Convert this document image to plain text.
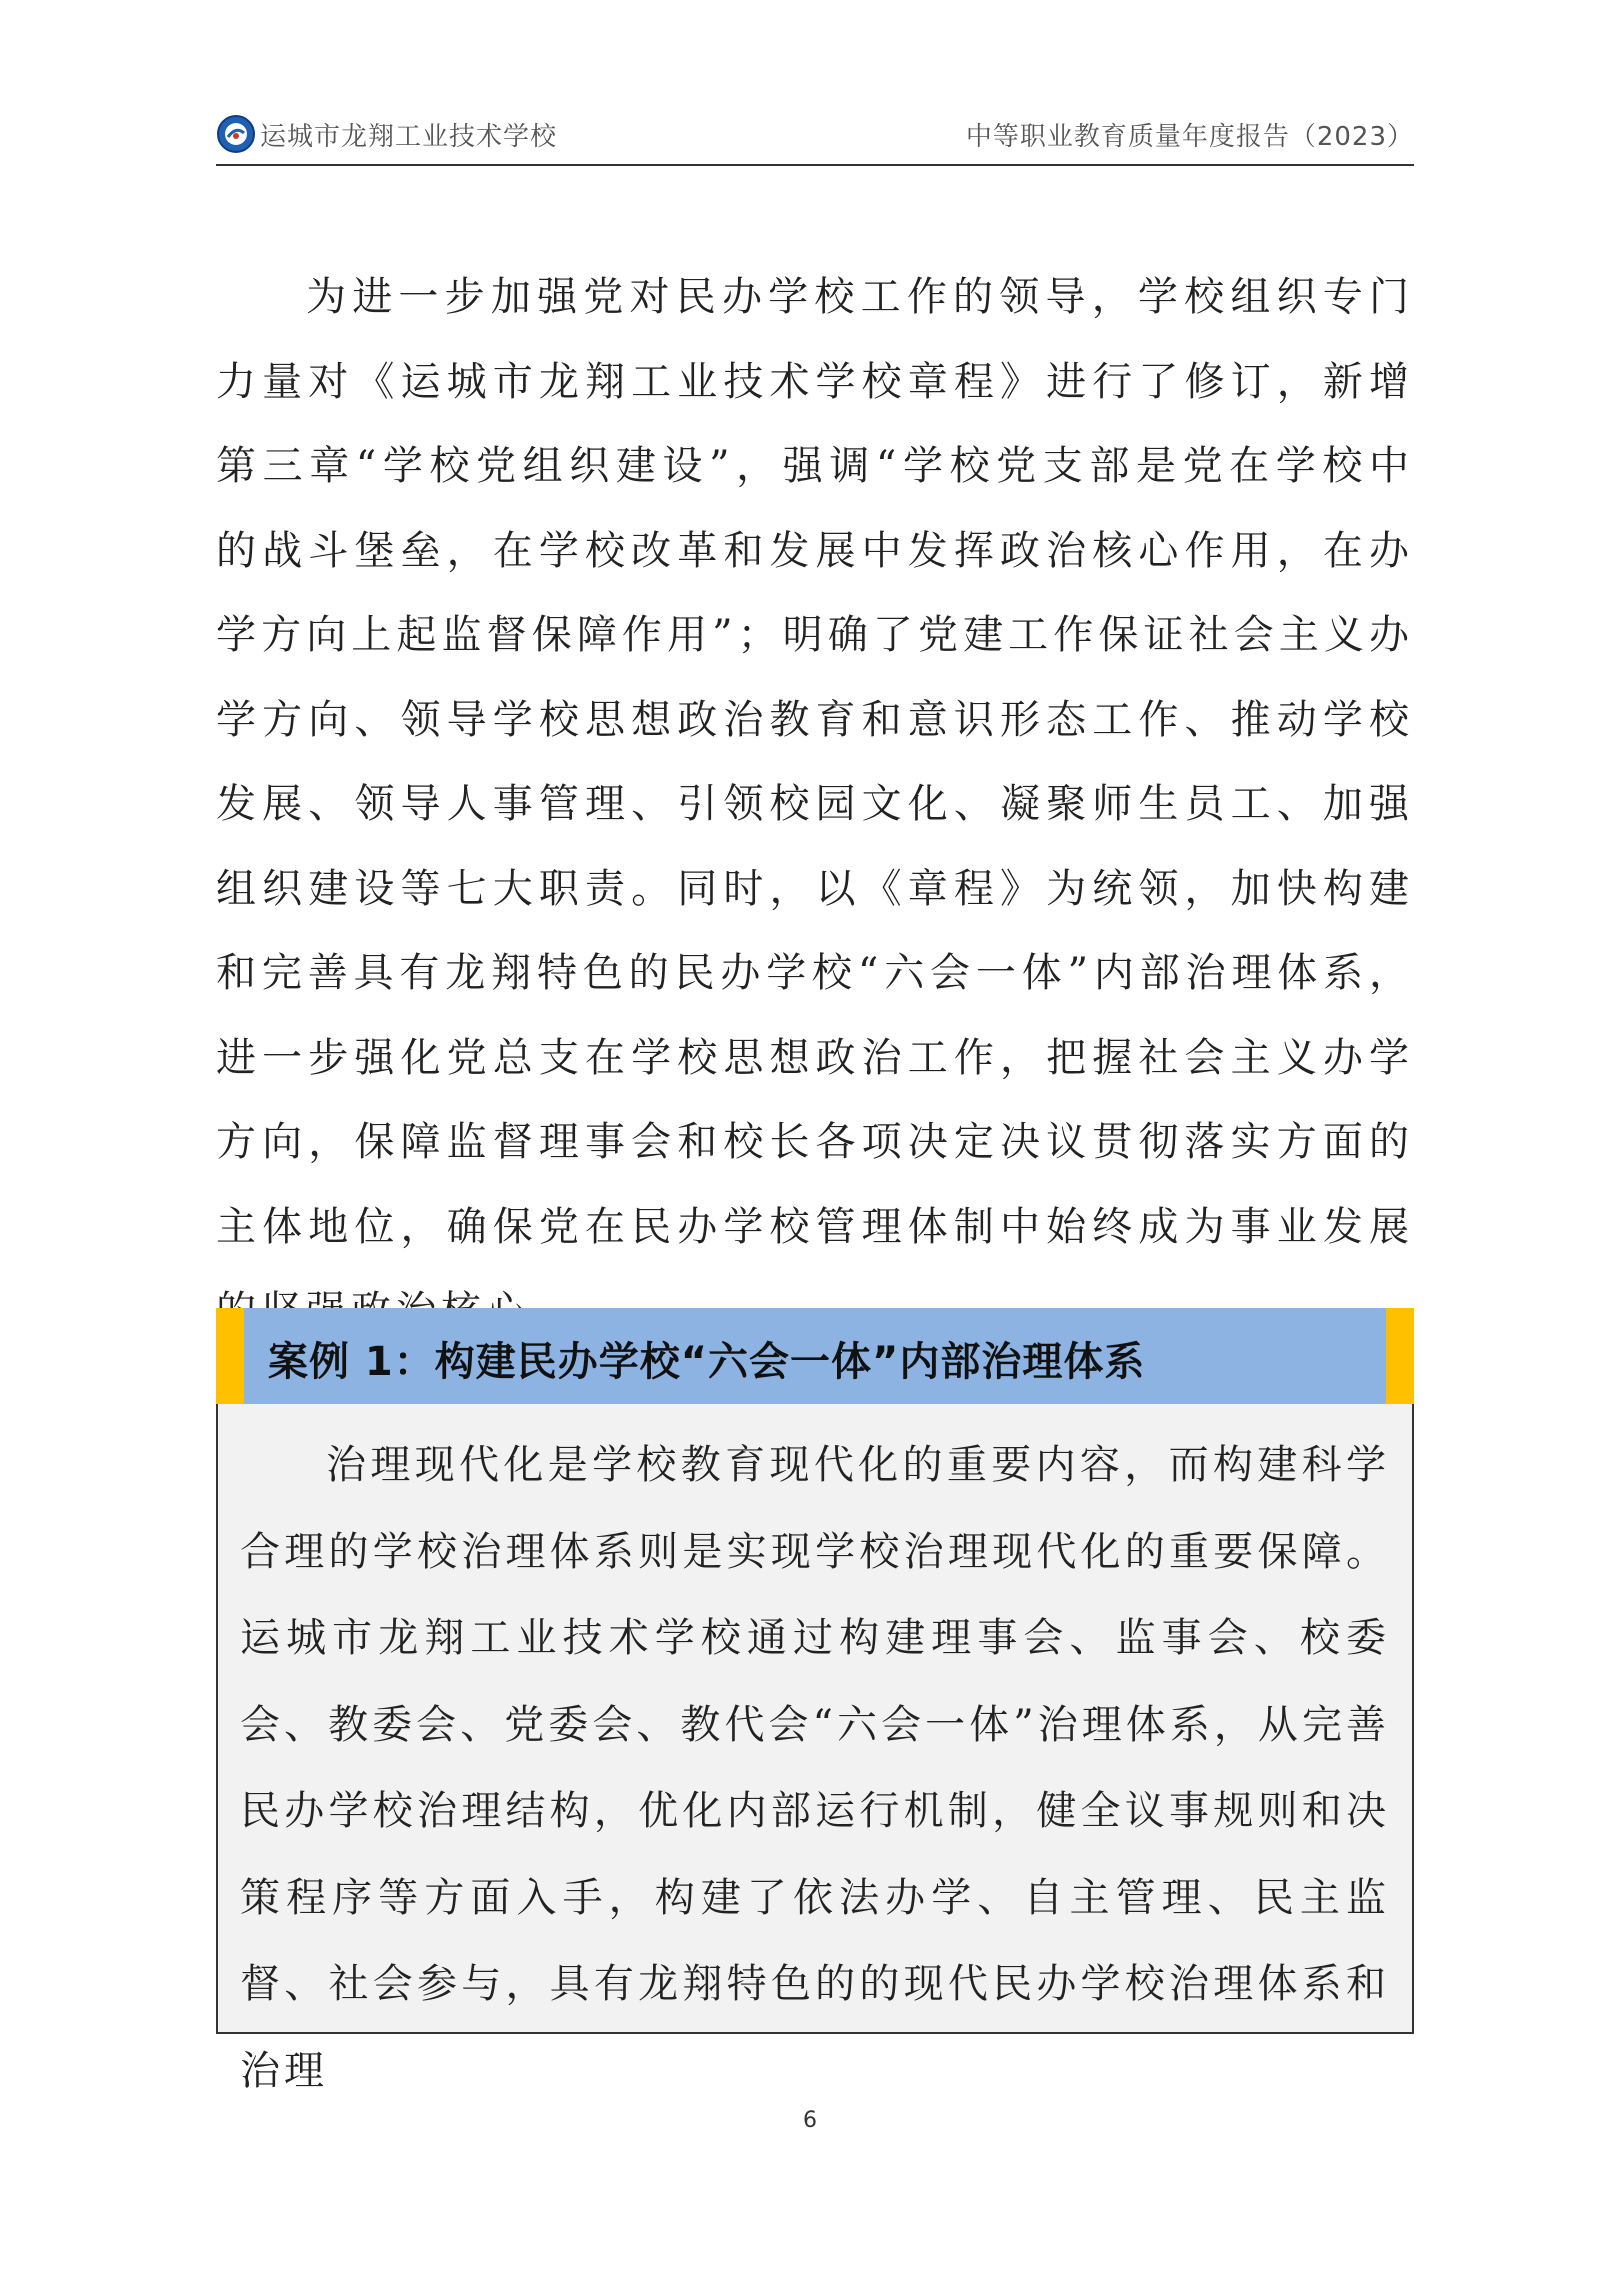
运城市龙翔工业技术学校	中等职业教育质量年度报告（2023）

为进一步加强党对民办学校工作的领导，学校组织专门力量对《运城市龙翔工业技术学校章程》进行了修订，新增第三章“学校党组织建设”，强调“学校党支部是党在学校中的战斗堡垒，在学校改革和发展中发挥政治核心作用，在办学方向上起监督保障作用”；明确了党建工作保证社会主义办学方向、领导学校思想政治教育和意识形态工作、推动学校发展、领导人事管理、引领校园文化、凝聚师生员工、加强组织建设等七大职责。同时，以《章程》为统领，加快构建和完善具有龙翔特色的民办学校“六会一体”内部治理体系，进一步强化党总支在学校思想政治工作，把握社会主义办学方向，保障监督理事会和校长各项决定决议贯彻落实方面的主体地位，确保党在民办学校管理体制中始终成为事业发展

案例 1：构建民办学校“六会一体”内部治理体系

治理现代化是学校教育现代化的重要内容，而构建科学合理的学校治理体系则是实现学校治理现代化的重要保障。运城市龙翔工业技术学校通过构建理事会、监事会、校委会、教委会、党委会、教代会“六会一体”治理体系，从完善民办学校治理结构，优化内部运行机制，健全议事规则和决策程序等方面入手，构建了依法办学、自主管理、民主监督、社会参与，具有龙翔特色的的现代民办学校治理体系和治理

6
